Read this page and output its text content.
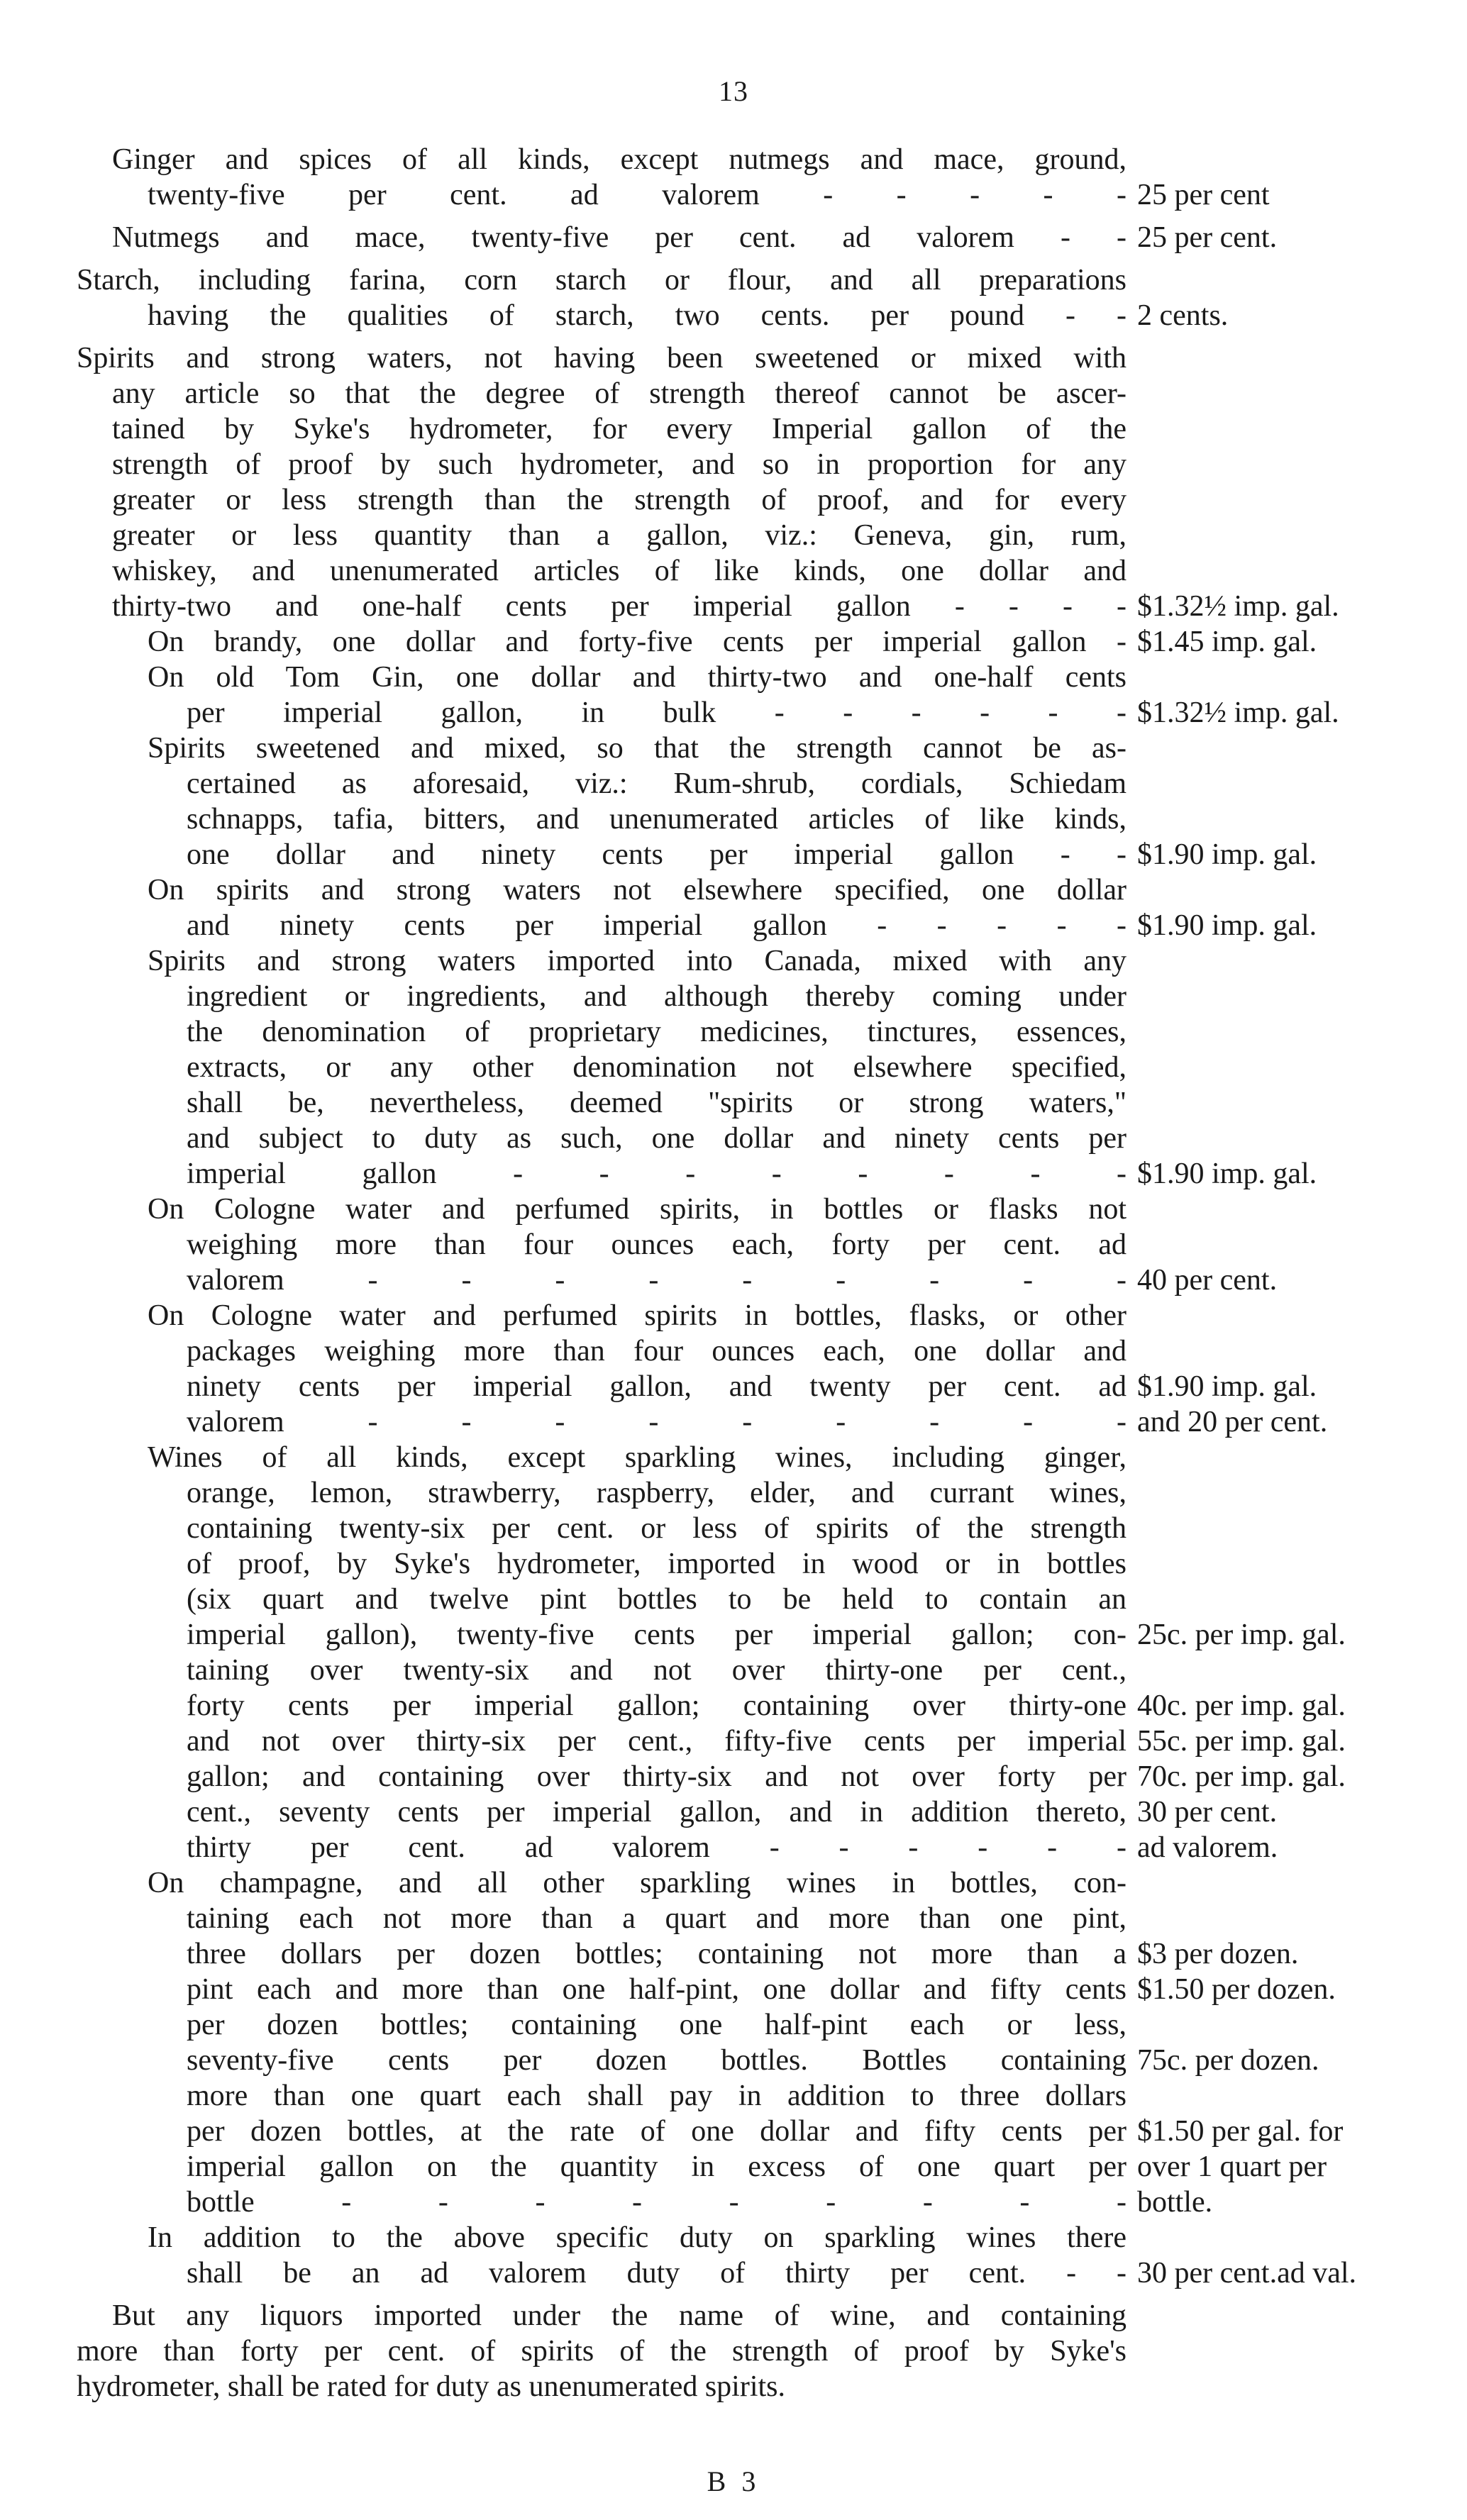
13
Ginger and spices of all kinds, except nutmegs and mace, ground,
twenty-five per cent. ad valorem - - - - - 25 per cent
Nutmegs and mace, twenty-five per cent. ad valorem - - 25 per cent.
Starch, including farina, corn starch or flour, and all preparations
having the qualities of starch, two cents. per pound - - 2 cents.
Spirits and strong waters, not having been sweetened or mixed with
any article so that the degree of strength thereof cannot be ascer-
tained by Syke's hydrometer, for every Imperial gallon of the
strength of proof by such hydrometer, and so in proportion for any
greater or less strength than the strength of proof, and for every
greater or less quantity than a gallon, viz.: Geneva, gin, rum,
whiskey, and unenumerated articles of like kinds, one dollar and
thirty-two and one-half cents per imperial gallon - - - - $1.32½ imp. gal.
On brandy, one dollar and forty-five cents per imperial gallon - $1.45 imp. gal.
On old Tom Gin, one dollar and thirty-two and one-half cents
per imperial gallon, in bulk - - - - - - $1.32½ imp. gal.
Spirits sweetened and mixed, so that the strength cannot be as-
certained as aforesaid, viz.: Rum-shrub, cordials, Schiedam
schnapps, tafia, bitters, and unenumerated articles of like kinds,
one dollar and ninety cents per imperial gallon - - $1.90 imp. gal.
On spirits and strong waters not elsewhere specified, one dollar
and ninety cents per imperial gallon - - - - - $1.90 imp. gal.
Spirits and strong waters imported into Canada, mixed with any
ingredient or ingredients, and although thereby coming under
the denomination of proprietary medicines, tinctures, essences,
extracts, or any other denomination not elsewhere specified,
shall be, nevertheless, deemed "spirits or strong waters,"
and subject to duty as such, one dollar and ninety cents per
imperial gallon - - - - - - - - $1.90 imp. gal.
On Cologne water and perfumed spirits, in bottles or flasks not
weighing more than four ounces each, forty per cent. ad
valorem - - - - - - - - - 40 per cent.
On Cologne water and perfumed spirits in bottles, flasks, or other
packages weighing more than four ounces each, one dollar and
ninety cents per imperial gallon, and twenty per cent. ad $1.90 imp. gal.
valorem - - - - - - - - - and 20 per cent.
Wines of all kinds, except sparkling wines, including ginger,
orange, lemon, strawberry, raspberry, elder, and currant wines,
containing twenty-six per cent. or less of spirits of the strength
of proof, by Syke's hydrometer, imported in wood or in bottles
(six quart and twelve pint bottles to be held to contain an
imperial gallon), twenty-five cents per imperial gallon; con- 25c. per imp. gal.
taining over twenty-six and not over thirty-one per cent.,
forty cents per imperial gallon; containing over thirty-one 40c. per imp. gal.
and not over thirty-six per cent., fifty-five cents per imperial 55c. per imp. gal.
gallon; and containing over thirty-six and not over forty per 70c. per imp. gal.
cent., seventy cents per imperial gallon, and in addition thereto, 30 per cent.
thirty per cent. ad valorem - - - - - - ad valorem.
On champagne, and all other sparkling wines in bottles, con-
taining each not more than a quart and more than one pint,
three dollars per dozen bottles; containing not more than a $3 per dozen.
pint each and more than one half-pint, one dollar and fifty cents $1.50 per dozen.
per dozen bottles; containing one half-pint each or less,
seventy-five cents per dozen bottles. Bottles containing 75c. per dozen.
more than one quart each shall pay in addition to three dollars
per dozen bottles, at the rate of one dollar and fifty cents per $1.50 per gal. for
imperial gallon on the quantity in excess of one quart per over 1 quart per
bottle - - - - - - - - - bottle.
In addition to the above specific duty on sparkling wines there
shall be an ad valorem duty of thirty per cent. - - 30 per cent.ad val.
But any liquors imported under the name of wine, and containing
more than forty per cent. of spirits of the strength of proof by Syke's
hydrometer, shall be rated for duty as unenumerated spirits.
B 3
